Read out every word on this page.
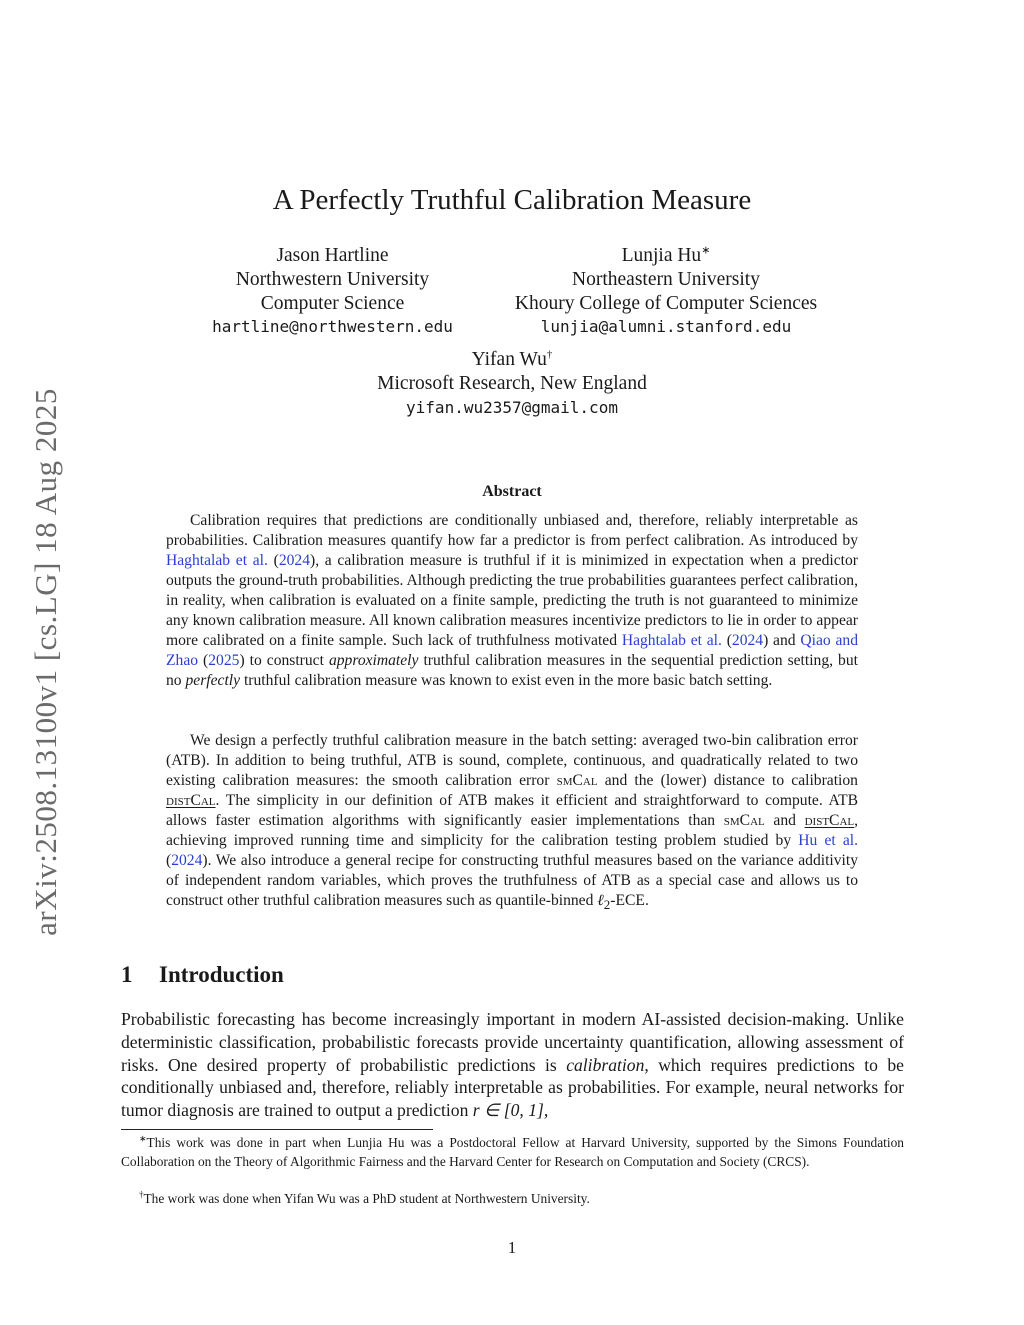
arXiv:2508.13100v1 [cs.LG] 18 Aug 2025
A Perfectly Truthful Calibration Measure
Jason Hartline
Northwestern University
Computer Science
hartline@northwestern.edu
Lunjia Hu∗
Northeastern University
Khoury College of Computer Sciences
lunjia@alumni.stanford.edu
Yifan Wu†
Microsoft Research, New England
yifan.wu2357@gmail.com
Abstract

Calibration requires that predictions are conditionally unbiased and, therefore, reliably interpretable as probabilities. Calibration measures quantify how far a predictor is from perfect calibration. As introduced by Haghtalab et al. (2024), a calibration measure is truthful if it is minimized in expectation when a predictor outputs the ground-truth probabilities. Although predicting the true probabilities guarantees perfect calibration, in reality, when calibration is evaluated on a finite sample, predicting the truth is not guaranteed to minimize any known calibration measure. All known calibration measures incentivize predictors to lie in order to appear more calibrated on a finite sample. Such lack of truthfulness motivated Haghtalab et al. (2024) and Qiao and Zhao (2025) to construct approximately truthful calibration measures in the sequential prediction setting, but no perfectly truthful calibration measure was known to exist even in the more basic batch setting.

We design a perfectly truthful calibration measure in the batch setting: averaged two-bin calibration error (ATB). In addition to being truthful, ATB is sound, complete, continuous, and quadratically related to two existing calibration measures: the smooth calibration error smCal and the (lower) distance to calibration distCal. The simplicity in our definition of ATB makes it efficient and straightforward to compute. ATB allows faster estimation algorithms with significantly easier implementations than smCal and distCal, achieving improved running time and simplicity for the calibration testing problem studied by Hu et al. (2024). We also introduce a general recipe for constructing truthful measures based on the variance additivity of independent random variables, which proves the truthfulness of ATB as a special case and allows us to construct other truthful calibration measures such as quantile-binned ℓ$_2$-ECE.

1 Introduction

Probabilistic forecasting has become increasingly important in modern AI-assisted decision-making. Unlike deterministic classification, probabilistic forecasts provide uncertainty quantification, allowing assessment of risks. One desired property of probabilistic predictions is calibration, which requires predictions to be conditionally unbiased and, therefore, reliably interpretable as probabilities. For example, neural networks for tumor diagnosis are trained to output a prediction r ∈ [0, 1],

∗This work was done in part when Lunjia Hu was a Postdoctoral Fellow at Harvard University, supported by the Simons Foundation Collaboration on the Theory of Algorithmic Fairness and the Harvard Center for Research on Computation and Society (CRCS).

†The work was done when Yifan Wu was a PhD student at Northwestern University.

1
